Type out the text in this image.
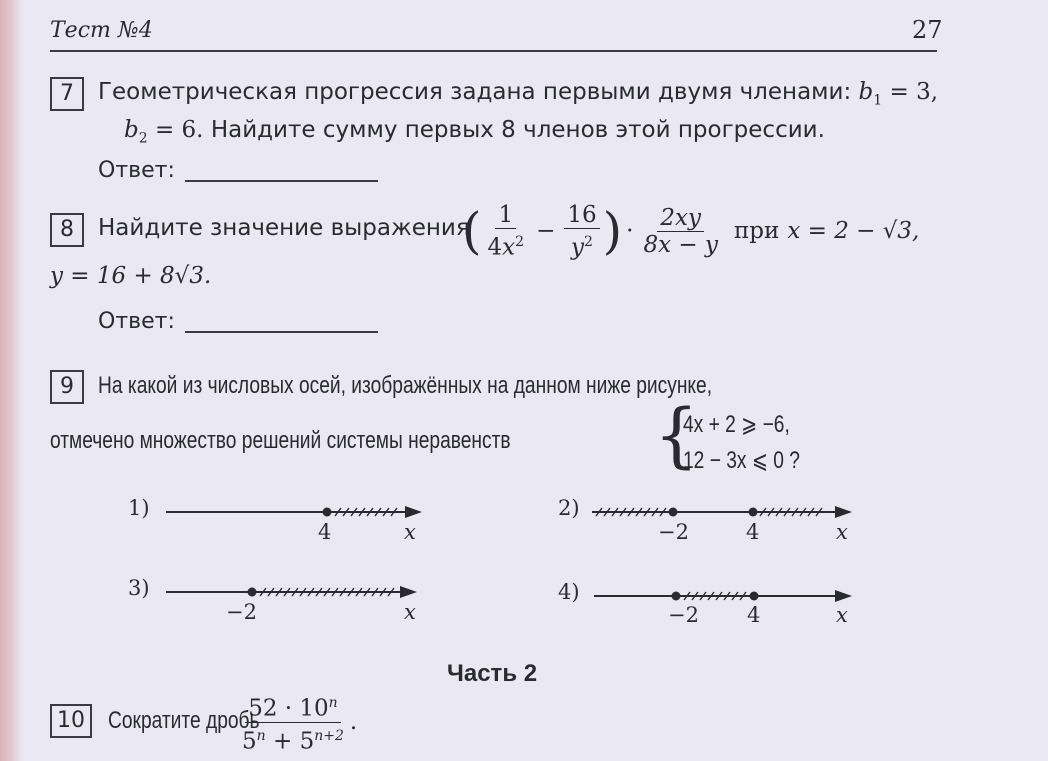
Тест №4	27
7	Геометрическая прогрессия задана первыми двумя членами: $b_1 = 3$,
$b_2 = 6$. Найдите сумму первых 8 членов этой прогрессии.
Ответ:
8	Найдите значение выражения
( $\frac{1}{4x^2} - \frac{16}{y^2}$ ) · $\frac{2xy}{8x - y}$ при x = 2 − √3,
y = 16 + 8√3.
Ответ:
9	На какой из числовых осей, изображённых на данном ниже рисунке,
отмечено множество решений системы неравенств {
4x + 2 ⩾ −6,
12 − 3x ⩽ 0 ?
1)
4	x
2)
−2	4	x
3)
−2	x
4)
−2 4	x
Часть 2
10 Сократите дробь
$\frac{52 \cdot 10^n}{5^n + 5^{n+2}}$ .
